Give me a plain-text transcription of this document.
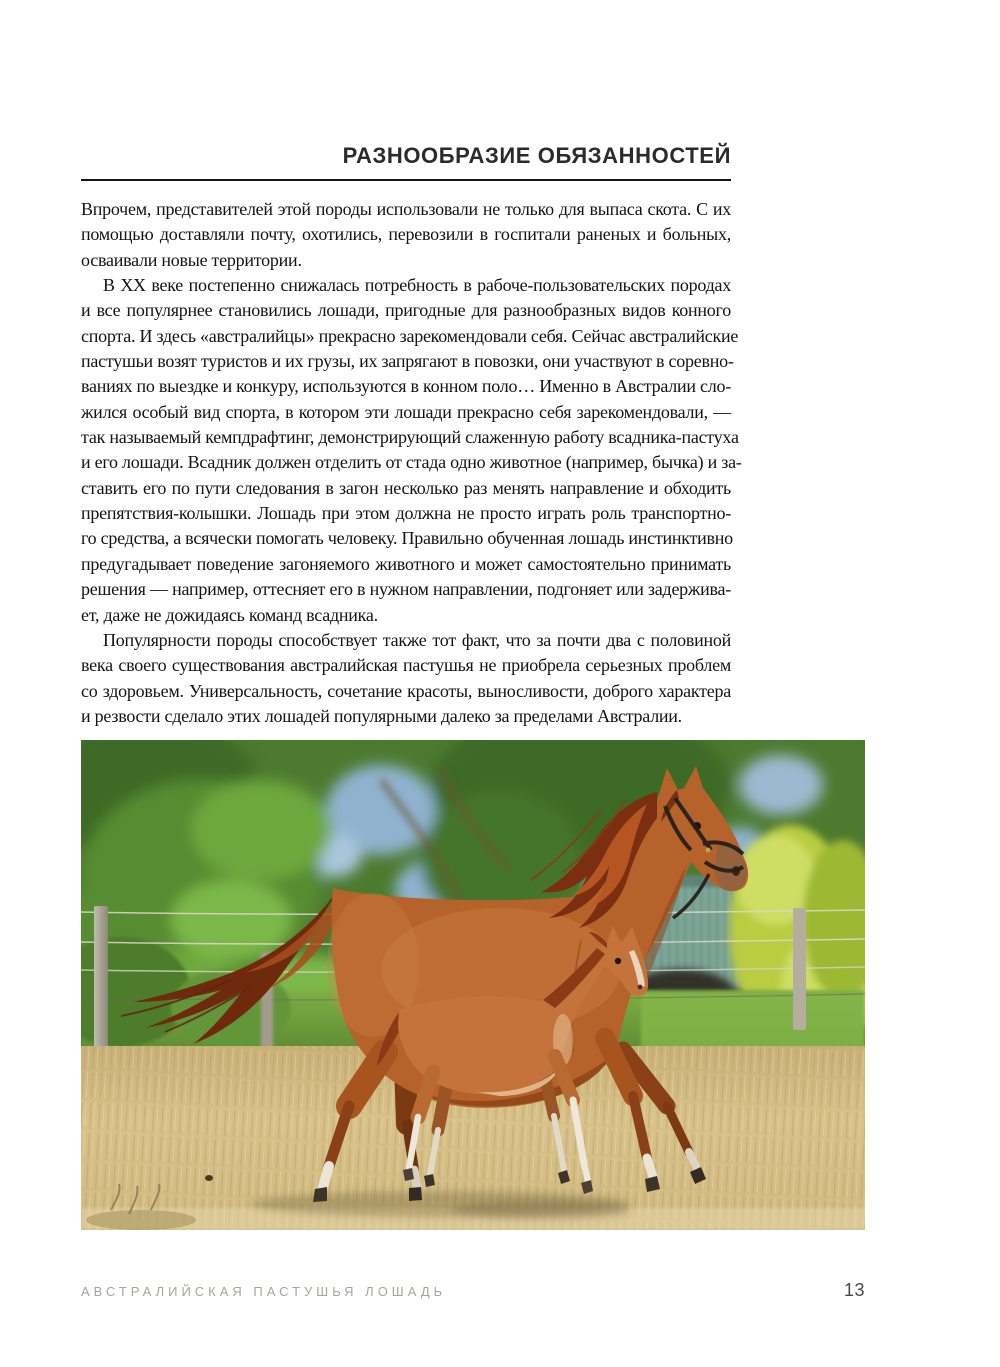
РАЗНООБРАЗИЕ ОБЯЗАННОСТЕЙ
Впрочем, представителей этой породы использовали не только для выпаса скота. С их
помощью доставляли почту, охотились, перевозили в госпитали раненых и больных,
осваивали новые территории.
В XX веке постепенно снижалась потребность в рабоче-пользовательских породах
и все популярнее становились лошади, пригодные для разнообразных видов конного
спорта. И здесь «австралийцы» прекрасно зарекомендовали себя. Сейчас австралийские
пастушьи возят туристов и их грузы, их запрягают в повозки, они участвуют в соревно-
ваниях по выездке и конкуру, используются в конном поло… Именно в Австралии сло-
жился особый вид спорта, в котором эти лошади прекрасно себя зарекомендовали, —
так называемый кемпдрафтинг, демонстрирующий слаженную работу всадника-пастуха
и его лошади. Всадник должен отделить от стада одно животное (например, бычка) и за-
ставить его по пути следования в загон несколько раз менять направление и обходить
препятствия-колышки. Лошадь при этом должна не просто играть роль транспортно-
го средства, а всячески помогать человеку. Правильно обученная лошадь инстинктивно
предугадывает поведение загоняемого животного и может самостоятельно принимать
решения — например, оттесняет его в нужном направлении, подгоняет или задержива-
ет, даже не дожидаясь команд всадника.
Популярности породы способствует также тот факт, что за почти два с половиной
века своего существования австралийская пастушья не приобрела серьезных проблем
со здоровьем. Универсальность, сочетание красоты, выносливости, доброго характера
и резвости сделало этих лошадей популярными далеко за пределами Австралии.
АВСТРАЛИЙСКАЯ ПАСТУШЬЯ ЛОШАДЬ	13
